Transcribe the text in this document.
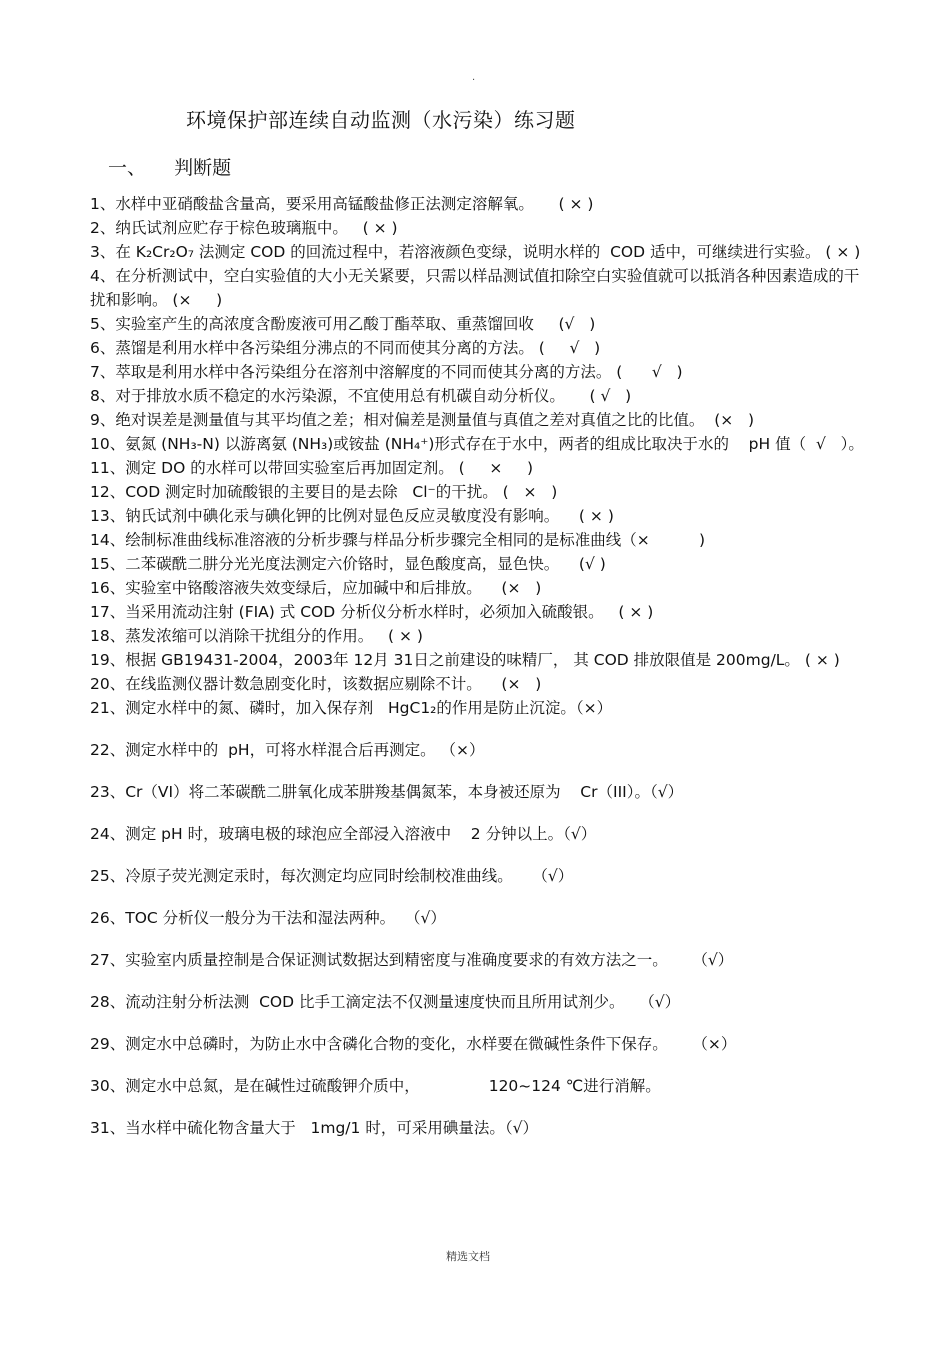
.
环境保护部连续自动监测（水污染）练习题
一、 判断题
1、水样中亚硝酸盐含量高，要采用高锰酸盐修正法测定溶解氧。     ( × )
2、纳氏试剂应贮存于棕色玻璃瓶中。   ( × )
3、在 K₂Cr₂O₇ 法测定 COD 的回流过程中，若溶液颜色变绿，说明水样的  COD 适中，可继续进行实验。 ( × )
4、在分析测试中，空白实验值的大小无关紧要，只需以样品测试值扣除空白实验值就可以抵消各种因素造成的干扰和影响。 (×     )
5、实验室产生的高浓度含酚废液可用乙酸丁酯萃取、重蒸馏回收     (√   )
6、蒸馏是利用水样中各污染组分沸点的不同而使其分离的方法。 (     √   )
7、萃取是利用水样中各污染组分在溶剂中溶解度的不同而使其分离的方法。 (      √   )
8、对于排放水质不稳定的水污染源，不宜使用总有机碳自动分析仪。     ( √   )
9、绝对误差是测量值与其平均值之差；相对偏差是测量值与真值之差对真值之比的比值。  (×   )
10、氨氮 (NH₃-N) 以游离氨 (NH₃)或铵盐 (NH₄⁺)形式存在于水中，两者的组成比取决于水的    pH 值（  √   ）。
11、测定 DO 的水样可以带回实验室后再加固定剂。 (     ×     )
12、COD 测定时加硫酸银的主要目的是去除   Cl⁻的干扰。 (   ×   )
13、钠氏试剂中碘化汞与碘化钾的比例对显色反应灵敏度没有影响。    ( × )
14、绘制标准曲线标准溶液的分析步骤与样品分析步骤完全相同的是标准曲线（×          )
15、二苯碳酰二肼分光光度法测定六价铬时，显色酸度高，显色快。    (√ )
16、实验室中铬酸溶液失效变绿后，应加碱中和后排放。    (×   )
17、当采用流动注射 (FIA) 式 COD 分析仪分析水样时，必须加入硫酸银。   ( × )
18、蒸发浓缩可以消除干扰组分的作用。   ( × )
19、根据 GB19431-2004，2003年 12月 31日之前建设的味精厂， 其 COD 排放限值是 200mg/L。 ( × )
20、在线监测仪器计数急剧变化时，该数据应剔除不计。    (×   )
21、测定水样中的氮、磷时，加入保存剂   HgC1₂的作用是防止沉淀。（×）
22、测定水样中的  pH，可将水样混合后再测定。 （×）
23、Cr（VI）将二苯碳酰二肼氧化成苯肼羧基偶氮苯，本身被还原为    Cr（III）。（√）
24、测定 pH 时，玻璃电极的球泡应全部浸入溶液中    2 分钟以上。（√）
25、冷原子荧光测定汞时，每次测定均应同时绘制校准曲线。    （√）
26、TOC 分析仪一般分为干法和湿法两种。  （√）
27、实验室内质量控制是合保证测试数据达到精密度与准确度要求的有效方法之一。     （√）
28、流动注射分析法测  COD 比手工滴定法不仅测量速度快而且所用试剂少。   （√）
29、测定水中总磷时，为防止水中含磷化合物的变化，水样要在微碱性条件下保存。     （×）
30、测定水中总氮，是在碱性过硫酸钾介质中，              120~124 ℃进行消解。
31、当水样中硫化物含量大于   1mg/1 时，可采用碘量法。（√）
精选文档
